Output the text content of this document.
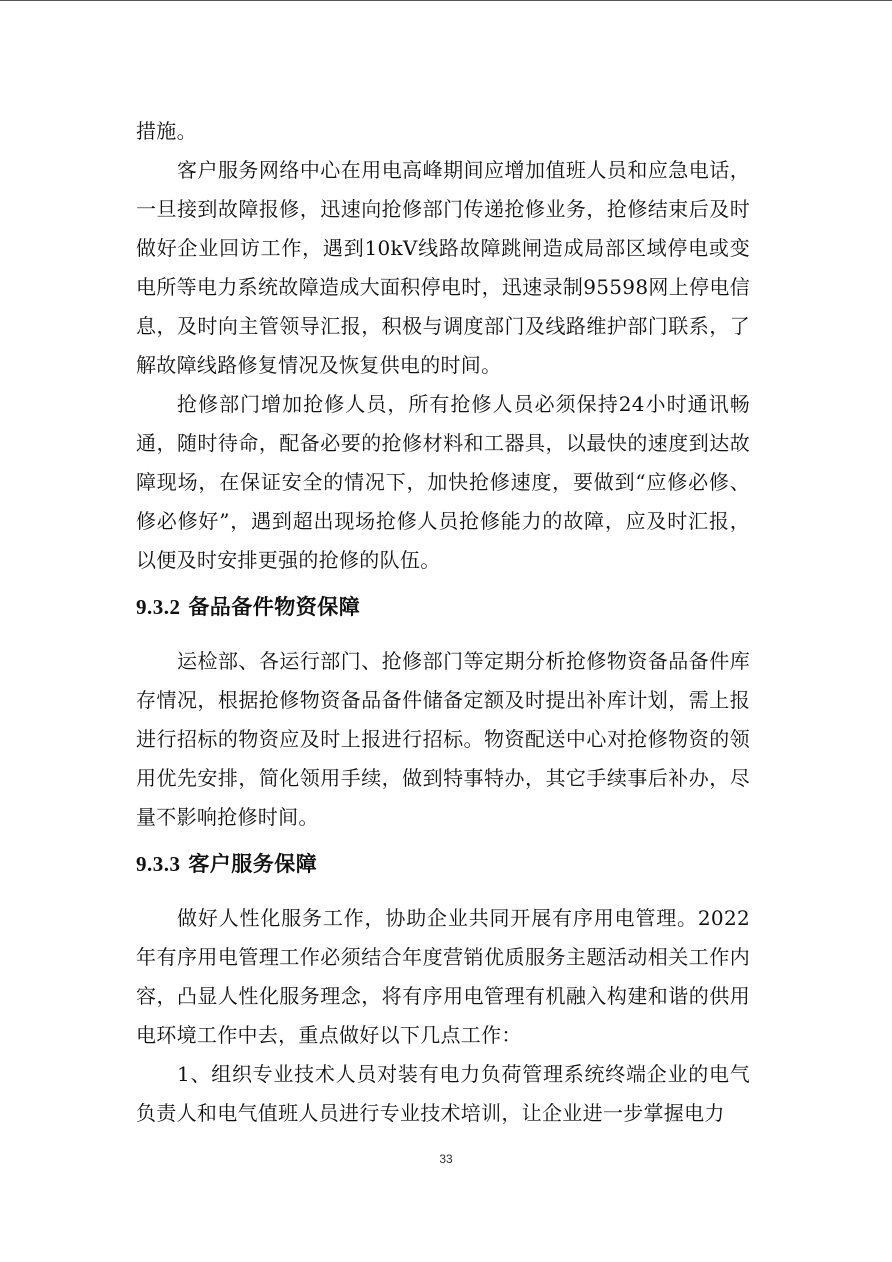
措施。

客户服务网络中心在用电高峰期间应增加值班人员和应急电话，一旦接到故障报修，迅速向抢修部门传递抢修业务，抢修结束后及时做好企业回访工作，遇到10kV线路故障跳闸造成局部区域停电或变电所等电力系统故障造成大面积停电时，迅速录制95598网上停电信息，及时向主管领导汇报，积极与调度部门及线路维护部门联系，了解故障线路修复情况及恢复供电的时间。

抢修部门增加抢修人员，所有抢修人员必须保持24小时通讯畅通，随时待命，配备必要的抢修材料和工器具，以最快的速度到达故障现场，在保证安全的情况下，加快抢修速度，要做到“应修必修、修必修好”，遇到超出现场抢修人员抢修能力的故障，应及时汇报，以便及时安排更强的抢修的队伍。

9.3.2 备品备件物资保障

运检部、各运行部门、抢修部门等定期分析抢修物资备品备件库存情况，根据抢修物资备品备件储备定额及时提出补库计划，需上报进行招标的物资应及时上报进行招标。物资配送中心对抢修物资的领用优先安排，简化领用手续，做到特事特办，其它手续事后补办，尽量不影响抢修时间。

9.3.3 客户服务保障

做好人性化服务工作，协助企业共同开展有序用电管理。2022年有序用电管理工作必须结合年度营销优质服务主题活动相关工作内容，凸显人性化服务理念，将有序用电管理有机融入构建和谐的供用电环境工作中去，重点做好以下几点工作：

1、组织专业技术人员对装有电力负荷管理系统终端企业的电气负责人和电气值班人员进行专业技术培训，让企业进一步掌握电力

33
